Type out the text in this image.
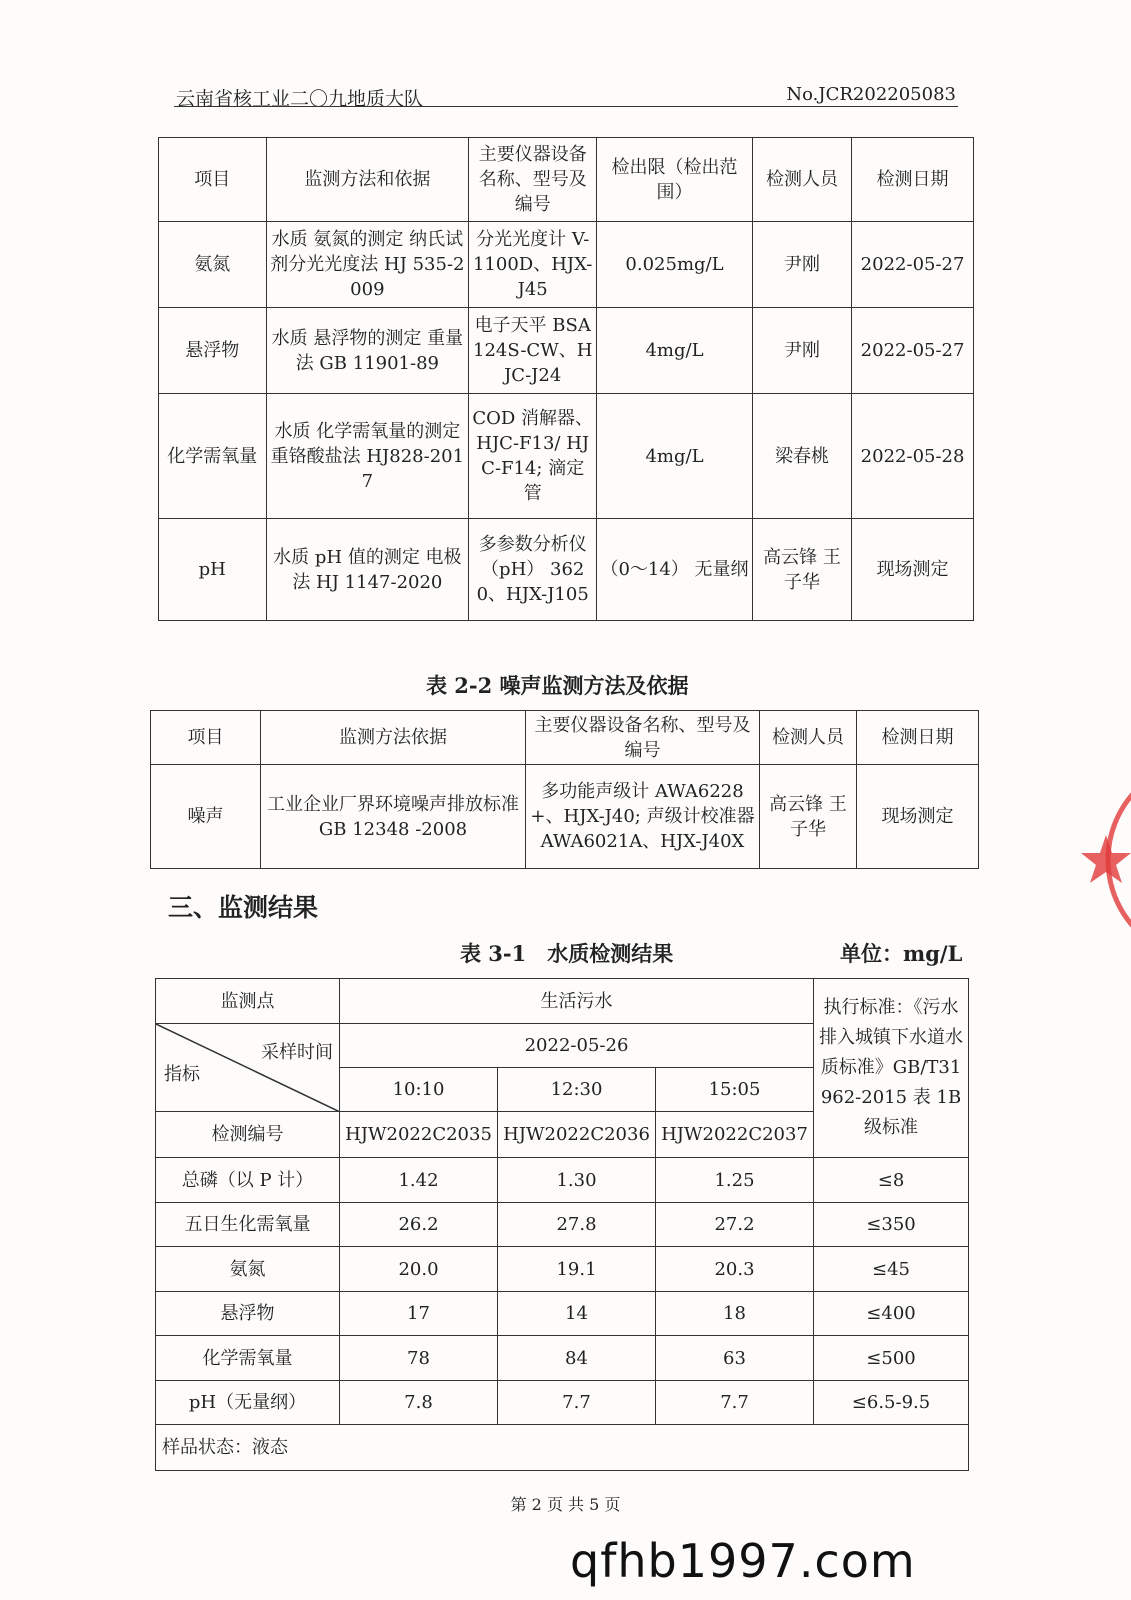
云南省核工业二〇九地质大队	No.JCR202205083
项目	监测方法和依据	主要仪器设备名称、型号及编号	检出限（检出范围）	检测人员	检测日期
氨氮	水质 氨氮的测定 纳氏试剂分光光度法 HJ 535-2009	分光光度计 V-1100D、HJX-J45	0.025mg/L	尹刚	2022-05-27
悬浮物	水质 悬浮物的测定 重量法 GB 11901-89	电子天平 BSA124S-CW、HJC-J24	4mg/L	尹刚	2022-05-27
化学需氧量	水质 化学需氧量的测定 重铬酸盐法 HJ828-2017	COD 消解器、HJC-F13/ HJC-F14; 滴定管	4mg/L	梁春桃	2022-05-28
pH	水质 pH 值的测定 电极法 HJ 1147-2020	多参数分析仪（pH） 3620、HJX-J105	（0～14） 无量纲	高云锋 王子华	现场测定
表 2-2 噪声监测方法及依据
项目	监测方法依据	主要仪器设备名称、型号及编号	检测人员	检测日期
噪声	工业企业厂界环境噪声排放标准 GB 12348 -2008	多功能声级计 AWA6228+、HJX-J40; 声级计校准器 AWA6021A、HJX-J40X	高云锋 王子华	现场测定
三、监测结果
表 3-1　水质检测结果	单位：mg/L
监测点	生活污水			执行标准：《污水排入城镇下水道水质标准》GB/T31962-2015 表 1B 级标准

采样时间
指标	2022-05-26			
	10:10	12:30	15:05	
检测编号	HJW2022C2035	HJW2022C2036	HJW2022C2037	
总磷（以 P 计）	1.42	1.30	1.25	≤8
五日生化需氧量	26.2	27.8	27.2	≤350
氨氮	20.0	19.1	20.3	≤45
悬浮物	17	14	18	≤400
化学需氧量	78	84	63	≤500
pH（无量纲）	7.8	7.7	7.7	≤6.5-9.5
样品状态：液态				
第 2 页 共 5 页
qfhb1997.com
